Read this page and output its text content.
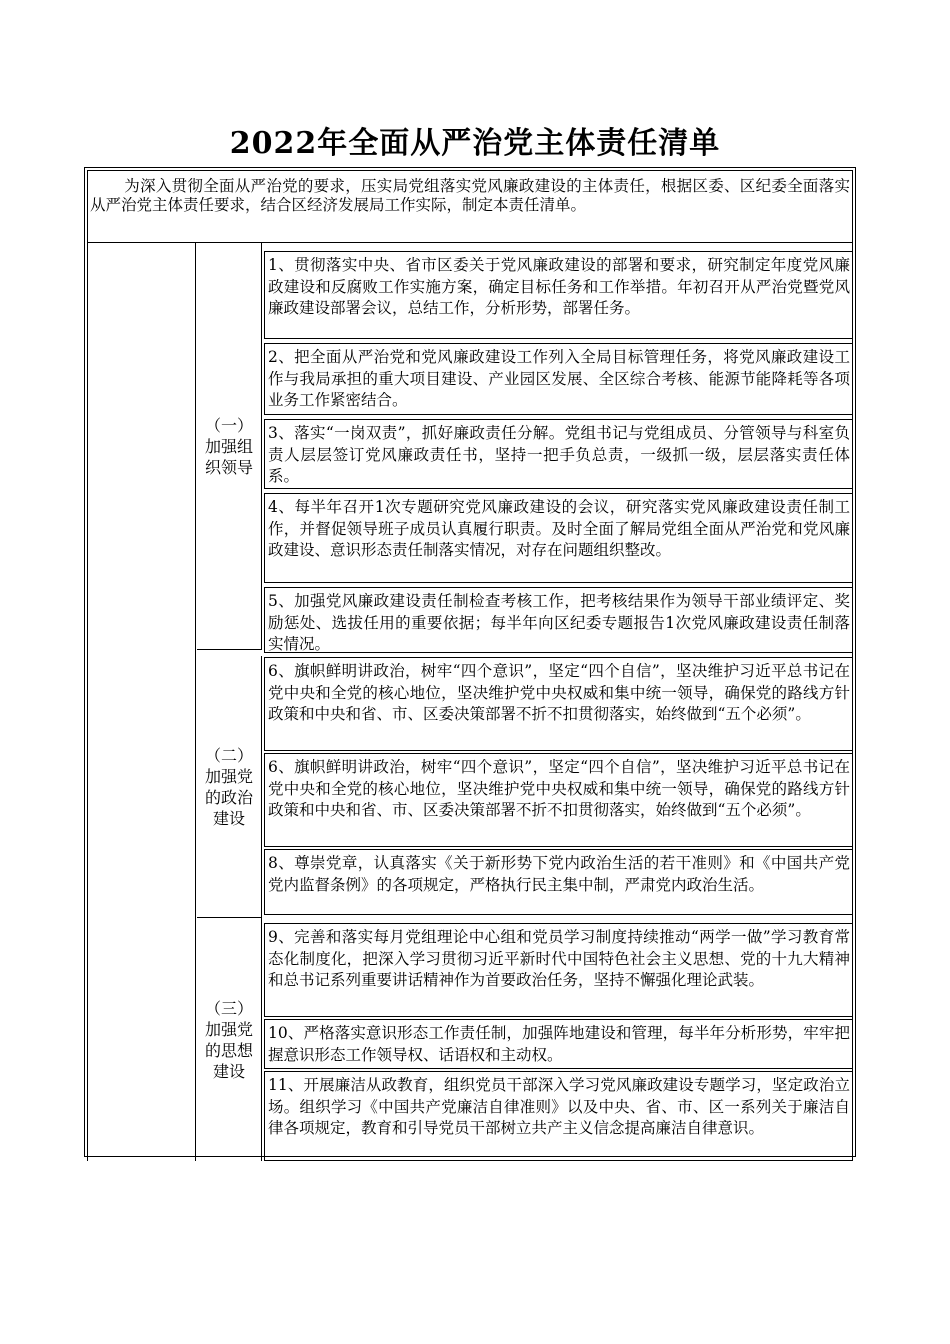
2022年全面从严治党主体责任清单
为深入贯彻全面从严治党的要求，压实局党组落实党风廉政建设的主体责任，根据区委、区纪委全面落实从严治党主体责任要求，结合区经济发展局工作实际，制定本责任清单。
（一）
加强组织领导
1、贯彻落实中央、省市区委关于党风廉政建设的部署和要求，研究制定年度党风廉政建设和反腐败工作实施方案，确定目标任务和工作举措。年初召开从严治党暨党风廉政建设部署会议，总结工作，分析形势，部署任务。
2、把全面从严治党和党风廉政建设工作列入全局目标管理任务，将党风廉政建设工作与我局承担的重大项目建设、产业园区发展、全区综合考核、能源节能降耗等各项业务工作紧密结合。
3、落实“一岗双责”，抓好廉政责任分解。党组书记与党组成员、分管领导与科室负责人层层签订党风廉政责任书，坚持一把手负总责，一级抓一级，层层落实责任体系。
4、每半年召开1次专题研究党风廉政建设的会议，研究落实党风廉政建设责任制工作，并督促领导班子成员认真履行职责。及时全面了解局党组全面从严治党和党风廉政建设、意识形态责任制落实情况，对存在问题组织整改。
5、加强党风廉政建设责任制检查考核工作，把考核结果作为领导干部业绩评定、奖励惩处、选拔任用的重要依据；每半年向区纪委专题报告1次党风廉政建设责任制落实情况。
（二）
加强党的政治建设
6、旗帜鲜明讲政治，树牢“四个意识”，坚定“四个自信”，坚决维护习近平总书记在党中央和全党的核心地位，坚决维护党中央权威和集中统一领导，确保党的路线方针政策和中央和省、市、区委决策部署不折不扣贯彻落实，始终做到“五个必须”。
6、旗帜鲜明讲政治，树牢“四个意识”，坚定“四个自信”，坚决维护习近平总书记在党中央和全党的核心地位，坚决维护党中央权威和集中统一领导，确保党的路线方针政策和中央和省、市、区委决策部署不折不扣贯彻落实，始终做到“五个必须”。
8、尊崇党章，认真落实《关于新形势下党内政治生活的若干准则》和《中国共产党党内监督条例》的各项规定，严格执行民主集中制，严肃党内政治生活。
（三）
加强党的思想建设
9、完善和落实每月党组理论中心组和党员学习制度持续推动“两学一做”学习教育常态化制度化，把深入学习贯彻习近平新时代中国特色社会主义思想、党的十九大精神和总书记系列重要讲话精神作为首要政治任务，坚持不懈强化理论武装。
10、严格落实意识形态工作责任制，加强阵地建设和管理，每半年分析形势，牢牢把握意识形态工作领导权、话语权和主动权。
11、开展廉洁从政教育，组织党员干部深入学习党风廉政建设专题学习，坚定政治立场。组织学习《中国共产党廉洁自律准则》以及中央、省、市、区一系列关于廉洁自律各项规定，教育和引导党员干部树立共产主义信念提高廉洁自律意识。
